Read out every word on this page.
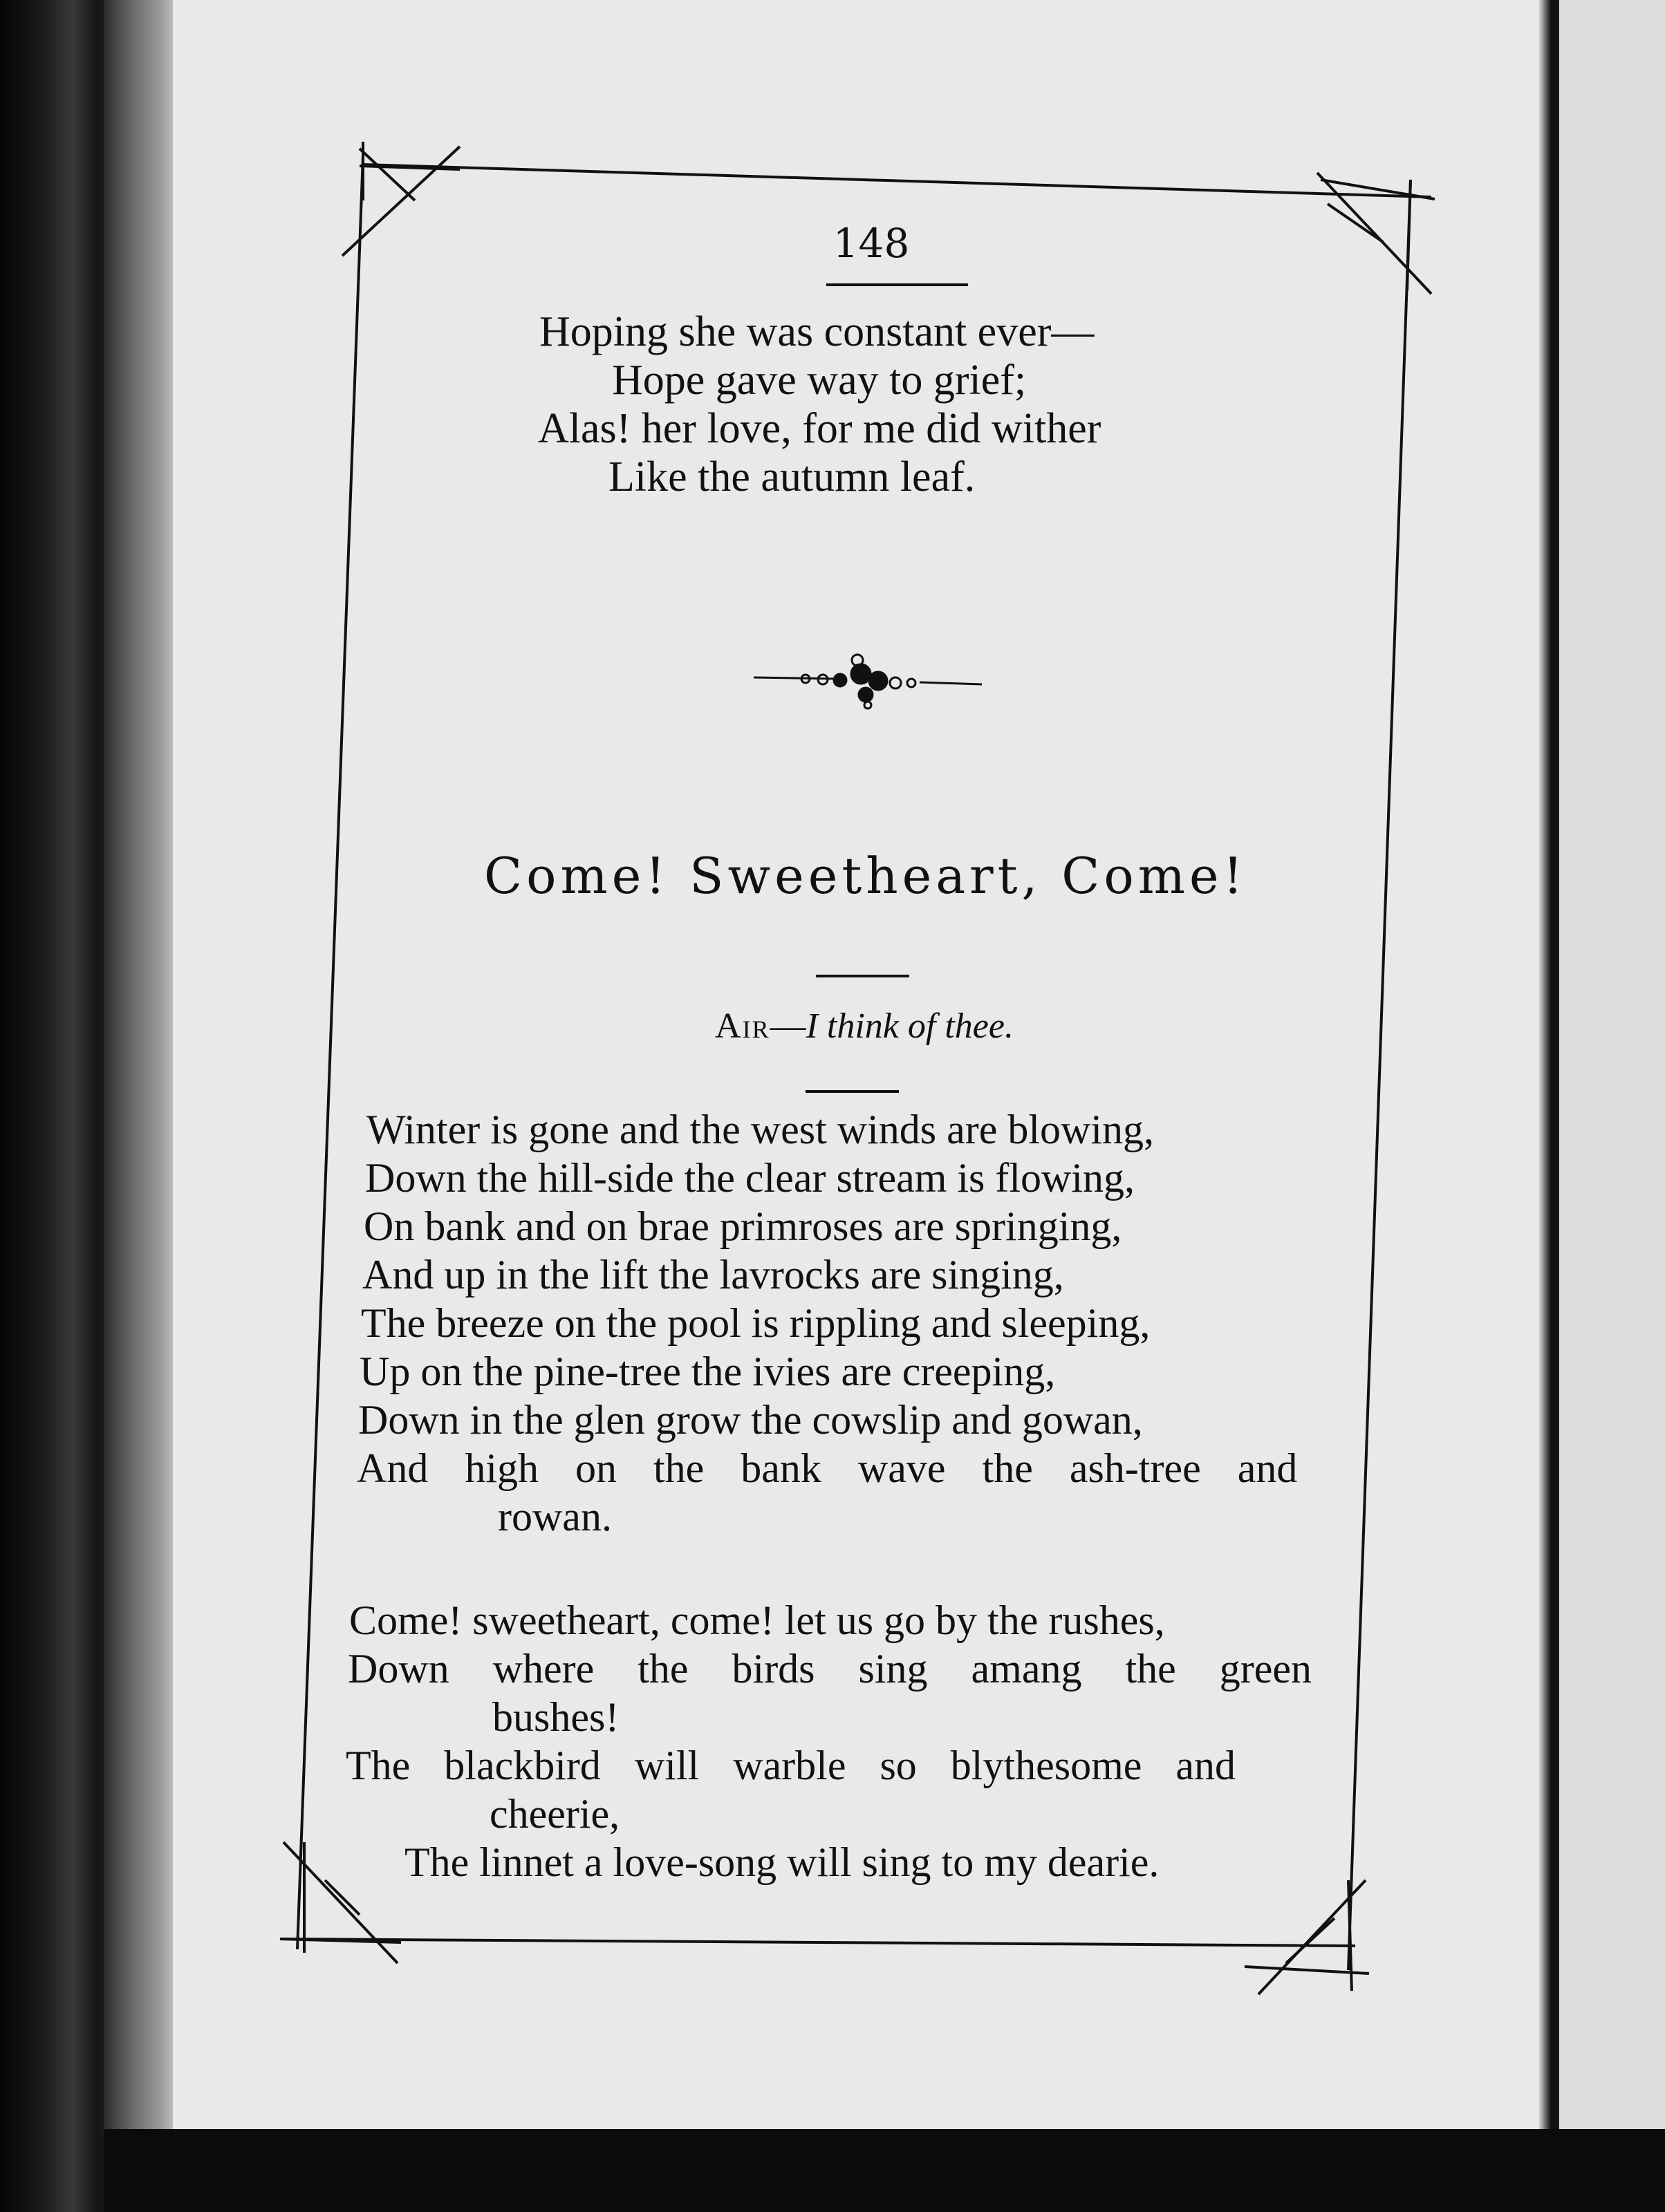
148
Hoping she was constant ever—
Hope gave way to grief;
Alas! her love, for me did wither
Like the autumn leaf.
Come! Sweetheart, Come!
Air—I think of thee.
Winter is gone and the west winds are blowing,
Down the hill-side the clear stream is flowing,
On bank and on brae primroses are springing,
And up in the lift the lavrocks are singing,
The breeze on the pool is rippling and sleeping,
Up on the pine-tree the ivies are creeping,
Down in the glen grow the cowslip and gowan,
And high on the bank wave the ash-tree and
rowan.
Come! sweetheart, come! let us go by the rushes,
Down where the birds sing amang the green
bushes!
The blackbird will warble so blythesome and
cheerie,
The linnet a love-song will sing to my dearie.
